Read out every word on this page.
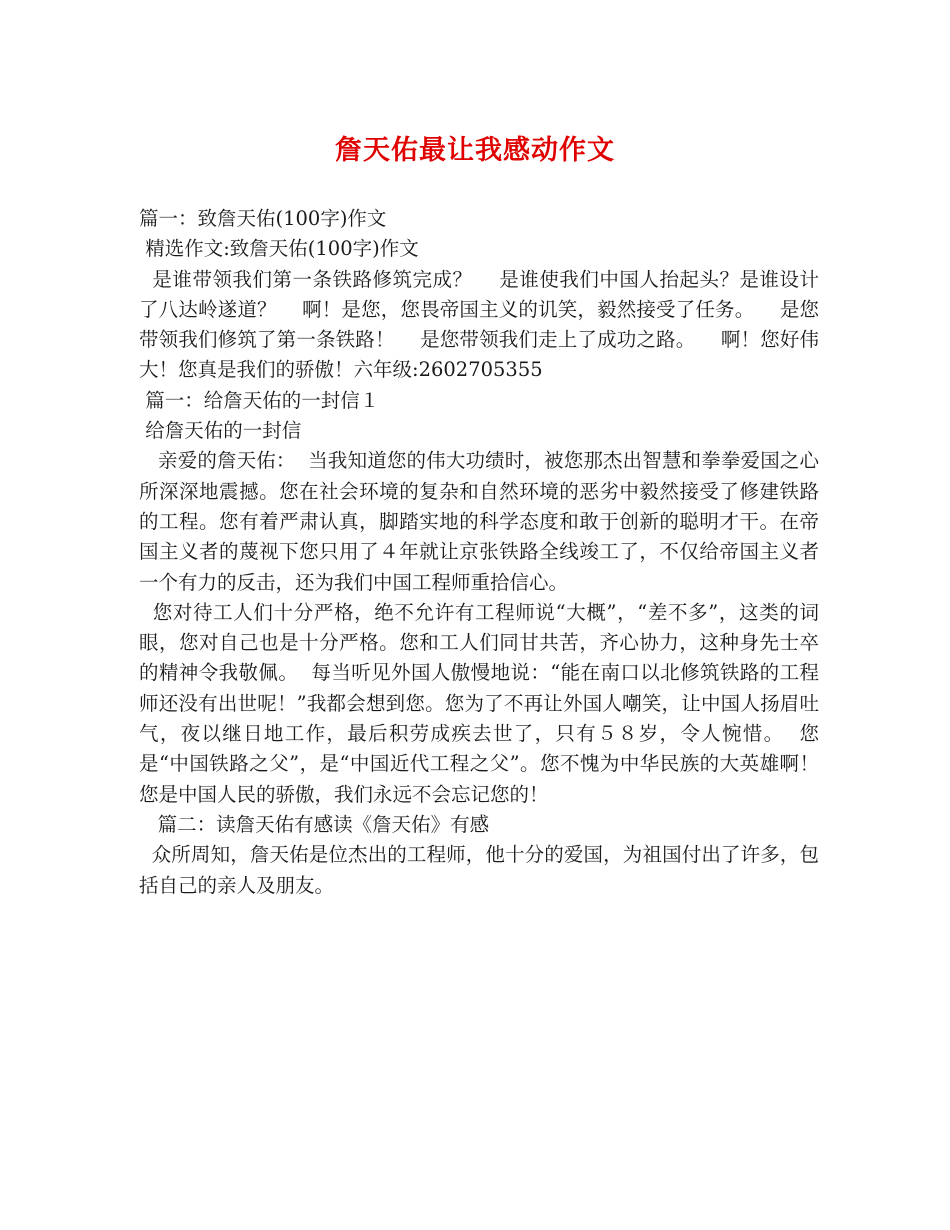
詹天佑最让我感动作文

篇一：致詹天佑(100字)作文

精选作文:致詹天佑(100字)作文

是谁带领我们第一条铁路修筑完成？    是谁使我们中国人抬起头？是谁设计了八达岭遂道？    啊！是您，您畏帝国主义的讥笑，毅然接受了任务。    是您带领我们修筑了第一条铁路！    是您带领我们走上了成功之路。    啊！您好伟大！您真是我们的骄傲！六年级:2602705355

篇一：给詹天佑的一封信１

给詹天佑的一封信

亲爱的詹天佑：  当我知道您的伟大功绩时，被您那杰出智慧和拳拳爱国之心所深深地震撼。您在社会环境的复杂和自然环境的恶劣中毅然接受了修建铁路的工程。您有着严肃认真，脚踏实地的科学态度和敢于创新的聪明才干。在帝国主义者的蔑视下您只用了４年就让京张铁路全线竣工了，不仅给帝国主义者一个有力的反击，还为我们中国工程师重拾信心。

您对待工人们十分严格，绝不允许有工程师说“大概”，“差不多”，这类的词眼，您对自己也是十分严格。您和工人们同甘共苦，齐心协力，这种身先士卒的精神令我敬佩。  每当听见外国人傲慢地说：“能在南口以北修筑铁路的工程师还没有出世呢！”我都会想到您。您为了不再让外国人嘲笑，让中国人扬眉吐气，夜以继日地工作，最后积劳成疾去世了，只有５８岁，令人惋惜。  您是“中国铁路之父”，是“中国近代工程之父”。您不愧为中华民族的大英雄啊！    您是中国人民的骄傲，我们永远不会忘记您的！

篇二：读詹天佑有感读《詹天佑》有感

众所周知，詹天佑是位杰出的工程师，他十分的爱国，为祖国付出了许多，包括自己的亲人及朋友。
